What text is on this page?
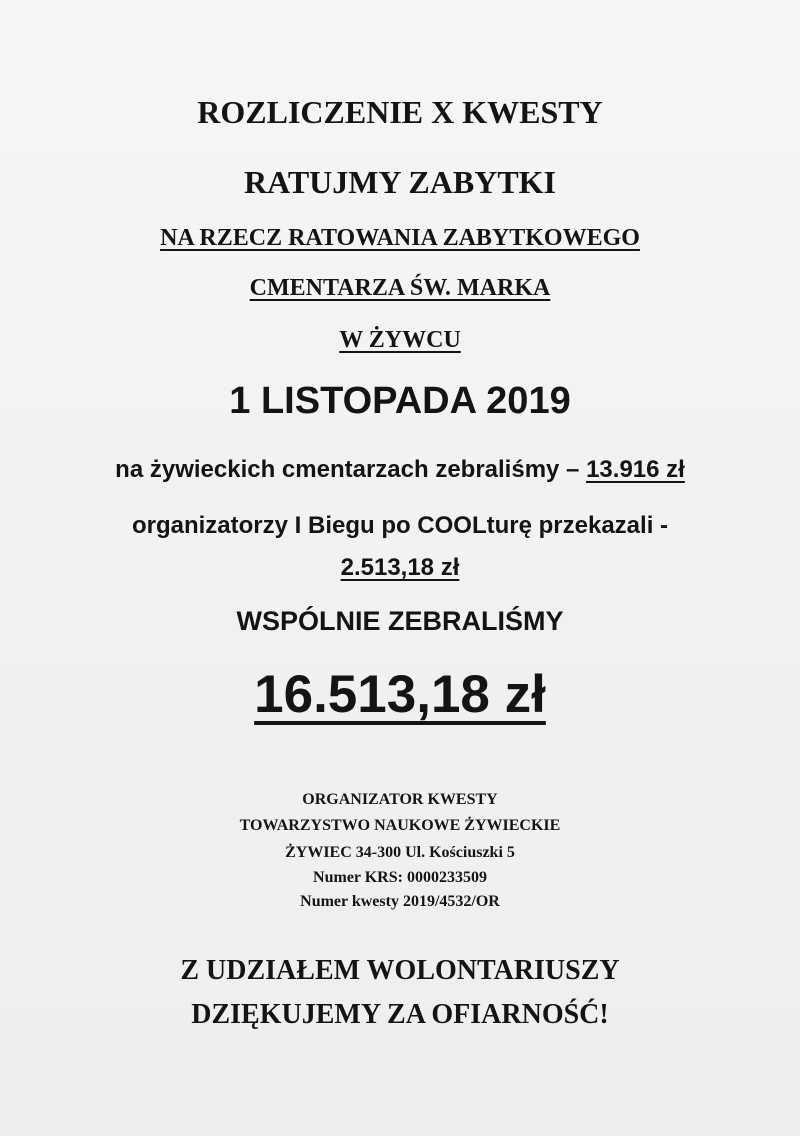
ROZLICZENIE X KWESTY
RATUJMY ZABYTKI
NA RZECZ RATOWANIA ZABYTKOWEGO
CMENTARZA ŚW. MARKA
W ŻYWCU
1 LISTOPADA 2019
na żywieckich cmentarzach zebraliśmy – 13.916 zł
organizatorzy I Biegu po COOLturę przekazali -
2.513,18 zł
WSPÓLNIE ZEBRALIŚMY
16.513,18 zł
ORGANIZATOR KWESTY
TOWARZYSTWO NAUKOWE ŻYWIECKIE
ŻYWIEC 34-300 Ul. Kościuszki 5
Numer KRS: 0000233509
Numer kwesty 2019/4532/OR
Z UDZIAŁEM WOLONTARIUSZY
DZIĘKUJEMY ZA OFIARNOŚĆ!
